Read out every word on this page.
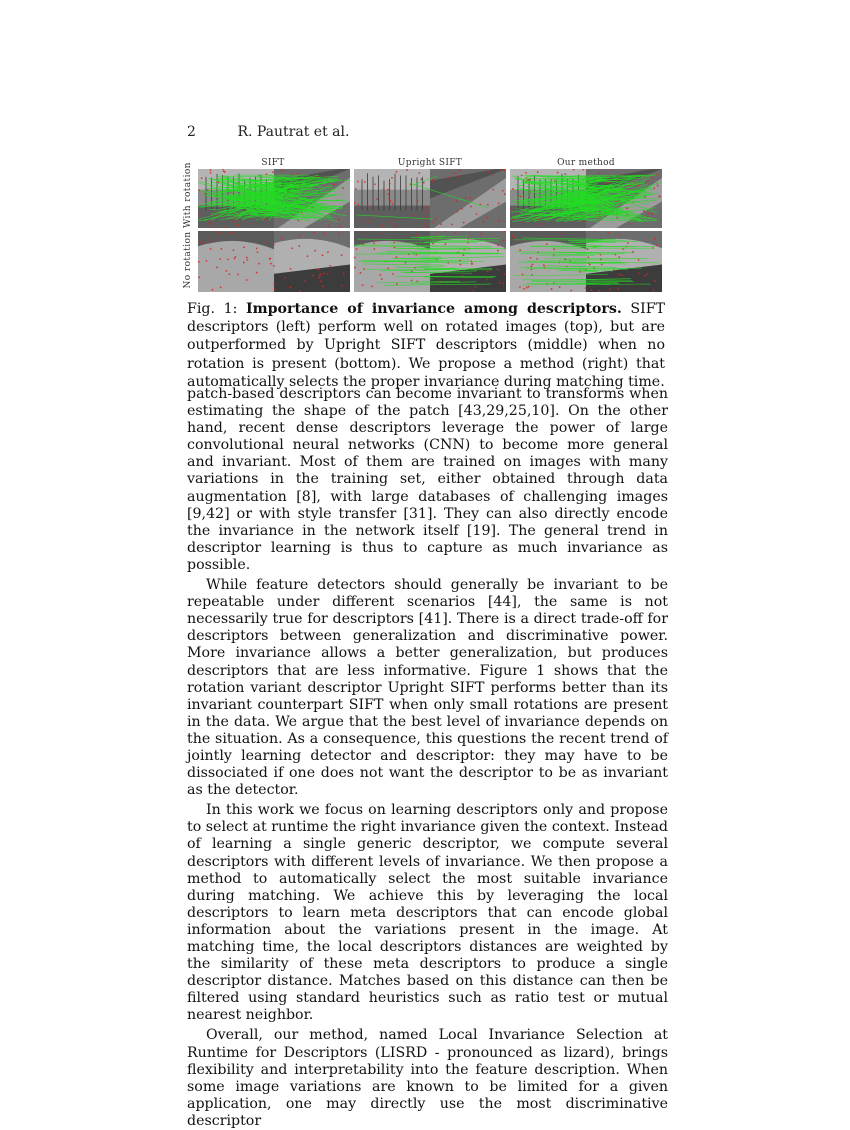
2	R. Pautrat et al.
SIFT	Upright SIFT	Our method
With rotation
No rotation
Fig. 1: Importance of invariance among descriptors. SIFT descriptors (left) perform well on rotated images (top), but are outperformed by Upright SIFT descriptors (middle) when no rotation is present (bottom). We propose a method (right) that automatically selects the proper invariance during matching time.

patch-based descriptors can become invariant to transforms when estimating the shape of the patch [43,29,25,10]. On the other hand, recent dense descriptors leverage the power of large convolutional neural networks (CNN) to become more general and invariant. Most of them are trained on images with many variations in the training set, either obtained through data augmentation [8], with large databases of challenging images [9,42] or with style transfer [31]. They can also directly encode the invariance in the network itself [19]. The general trend in descriptor learning is thus to capture as much invariance as possible.

While feature detectors should generally be invariant to be repeatable under different scenarios [44], the same is not necessarily true for descriptors [41]. There is a direct trade-off for descriptors between generalization and discriminative power. More invariance allows a better generalization, but produces descriptors that are less informative. Figure 1 shows that the rotation variant descriptor Upright SIFT performs better than its invariant counterpart SIFT when only small rotations are present in the data. We argue that the best level of invariance depends on the situation. As a consequence, this questions the recent trend of jointly learning detector and descriptor: they may have to be dissociated if one does not want the descriptor to be as invariant as the detector.

In this work we focus on learning descriptors only and propose to select at runtime the right invariance given the context. Instead of learning a single generic descriptor, we compute several descriptors with different levels of invariance. We then propose a method to automatically select the most suitable invariance during matching. We achieve this by leveraging the local descriptors to learn meta descriptors that can encode global information about the variations present in the image. At matching time, the local descriptors distances are weighted by the similarity of these meta descriptors to produce a single descriptor distance. Matches based on this distance can then be filtered using standard heuristics such as ratio test or mutual nearest neighbor.

Overall, our method, named Local Invariance Selection at Runtime for Descriptors (LISRD - pronounced as lizard), brings flexibility and interpretability into the feature description. When some image variations are known to be limited for a given application, one may directly use the most discriminative descriptor
